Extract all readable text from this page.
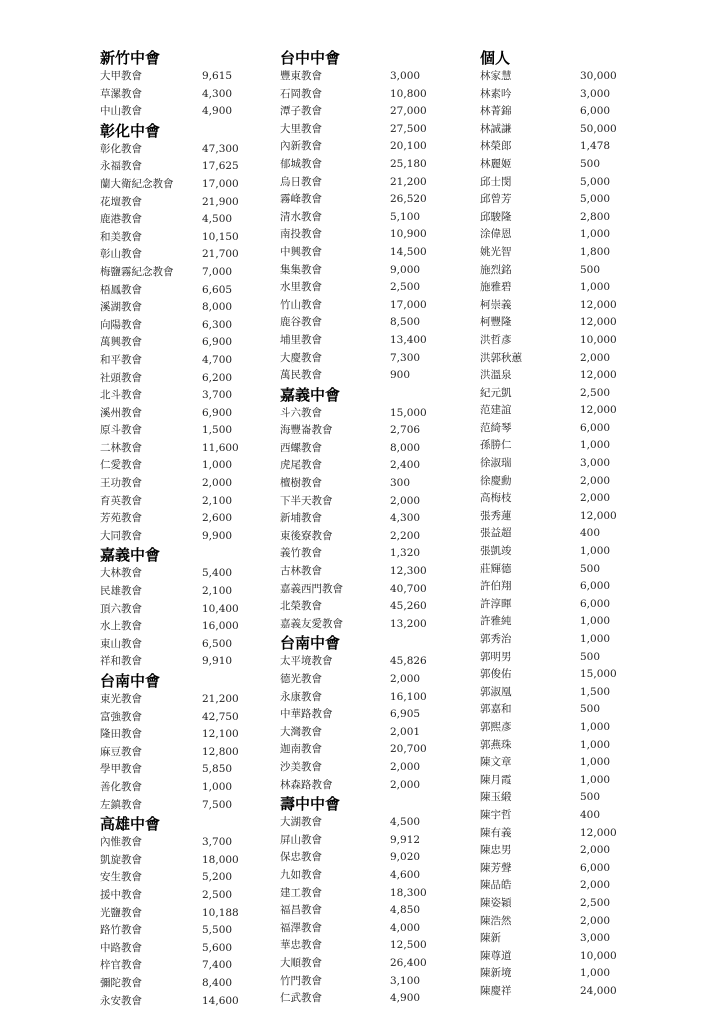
新竹中會
大甲教會	9,615
草漯教會	4,300
中山教會	4,900
彰化中會
彰化教會	47,300
永福教會	17,625
蘭大衛紀念教會	17,000
花壇教會	21,900
鹿港教會	4,500
和美教會	10,150
彰山教會	21,700
梅鹽霧紀念教會	7,000
梧鳳教會	6,605
溪湖教會	8,000
向陽教會	6,300
萬興教會	6,900
和平教會	4,700
社頭教會	6,200
北斗教會	3,700
溪州教會	6,900
原斗教會	1,500
二林教會	11,600
仁愛教會	1,000
王功教會	2,000
育英教會	2,100
芳苑教會	2,600
大同教會	9,900
嘉義中會
大林教會	5,400
民雄教會	2,100
頂六教會	10,400
水上教會	16,000
東山教會	6,500
祥和教會	9,910
台南中會
東光教會	21,200
富強教會	42,750
隆田教會	12,100
麻豆教會	12,800
學甲教會	5,850
善化教會	1,000
左鎮教會	7,500
高雄中會
內惟教會	3,700
凱旋教會	18,000
安生教會	5,200
援中教會	2,500
光鹽教會	10,188
路竹教會	5,500
中路教會	5,600
梓官教會	7,400
彌陀教會	8,400
永安教會	14,600
台中中會
豐東教會	3,000
石岡教會	10,800
潭子教會	27,000
大里教會	27,500
內新教會	20,100
郁城教會	25,180
烏日教會	21,200
霧峰教會	26,520
清水教會	5,100
南投教會	10,900
中興教會	14,500
集集教會	9,000
水里教會	2,500
竹山教會	17,000
鹿谷教會	8,500
埔里教會	13,400
大慶教會	7,300
萬民教會	900
嘉義中會
斗六教會	15,000
海豐崙教會	2,706
西螺教會	8,000
虎尾教會	2,400
檀樹教會	300
下半天教會	2,000
新埔教會	4,300
東後寮教會	2,200
義竹教會	1,320
古林教會	12,300
嘉義西門教會	40,700
北榮教會	45,260
嘉義友愛教會	13,200
台南中會
太平境教會	45,826
德光教會	2,000
永康教會	16,100
中華路教會	6,905
大灣教會	2,001
迦南教會	20,700
沙美教會	2,000
林森路教會	2,000
壽中中會
大湖教會	4,500
屏山教會	9,912
保忠教會	9,020
九如教會	4,600
建工教會	18,300
福昌教會	4,850
福澤教會	4,000
華忠教會	12,500
大順教會	26,400
竹門教會	3,100
仁武教會	4,900
個人
林家慧	30,000
林素吟	3,000
林菁錦	6,000
林誠謙	50,000
林榮郎	1,478
林麗姬	500
邱士閔	5,000
邱曾芳	5,000
邱駿隆	2,800
涂偉恩	1,000
姚光智	1,800
施烈銘	500
施雅碧	1,000
柯崇義	12,000
柯豐隆	12,000
洪哲彥	10,000
洪郭秋蕙	2,000
洪溫泉	12,000
紀元凱	2,500
范建誼	12,000
范綺琴	6,000
孫勝仁	1,000
徐淑瑞	3,000
徐慶勳	2,000
高梅枝	2,000
張秀蓮	12,000
張益超	400
張凱竣	1,000
莊輝德	500
許伯翔	6,000
許淳暉	6,000
許雅純	1,000
郭秀治	1,000
郭明男	500
郭俊佑	15,000
郭淑凰	1,500
郭嘉和	500
郭熙彥	1,000
郭燕珠	1,000
陳文章	1,000
陳月霞	1,000
陳玉緞	500
陳宇哲	400
陳有義	12,000
陳忠男	2,000
陳芳聲	6,000
陳品皓	2,000
陳姿穎	2,500
陳浩然	2,000
陳新	3,000
陳尊道	10,000
陳新境	1,000
陳慶祥	24,000
